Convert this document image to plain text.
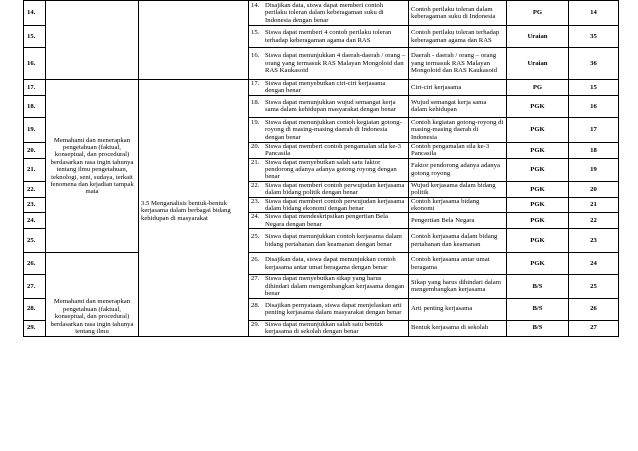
14.			14. Disajikan data, siswa dapat memberi contoh perilaku toleran dalam keberagaman suku di Indonesia dengan benar	Contoh perilaku toleran dalam keberagaman suku di Indonesia	PG	14
15.			15. Siswa dapat memberi 4 contoh perilaku toleran terhadap keberagaman agama dan RAS	Contoh perilaku toleran terhadap keberagaman agama dan RAS	Uraian	35
16.			16. Siswa dapat menunjukkan 4 daerah-daerah / orang –orang yang termasuk RAS Malayan Mongoloid dan RAS Kaukasoid	Daerah - daerah / orang – orang yang termasuk RAS Malayan Mongoloid dan RAS Kaukasoid	Uraian	36
17.	Memahami dan menerapkan pengetahuan (faktual, konseptual, dan procedural) berdasarkan rasa ingin tahunya tentang ilmu pengetahuan, teknologi, seni, sudaya, terkait fenomena dan kejadian tampak mata	3.5 Menganalisis bentuk-bentuk kerjasama dalam berbagai bidang kehidupan di masyarakat	17. Siswa dapat menyebutkan ciri-ciri kerjasama dengan benar	Ciri-ciri kerjasama	PG	15
18.			18. Siswa dapat menunjukkan wujud semangat kerja sama dalam kehidupan masyarakat dengan benar	Wujud semangat kerja sama dalam kehidupan	PGK	16
19.			19. Siswa dapat menunjukkan contoh kegiatan gotong-royong di masing-masing daerah di Indonesia dengan benar	Contoh kegiatan gotong-royong di masing-masing daerah di Indonesia	PGK	17
20.			20. Siswa dapat memberi contoh pengamalan sila ke-3 Pancasila	Contoh pengamalan sila ke-3 Pancasila	PGK	18
21.			21. Siswa dapat menyebutkan salah satu faktor pendorong adanya adanya gotong royong dengan benar	Faktor pendorong adanya adanya gotong royong	PGK	19
22.			22. Siswa dapat memberi contoh perwujudan kerjasama dalam bidang politik dengan benar	Wujud kerjasama dalam bidang politik	PGK	20
23.			23. Siswa dapat memberi contoh perwujudan kerjasama dalam bidang ekonomi dengan benar	Contoh kerjasama bidang ekonomi	PGK	21
24.			24. Siswa dapat mendeskripsikan pengertian Bela Negara dengan benar	Pengertian Bela Negara	PGK	22
25.			25. Siswa dapat menunjukkan contoh kerjasama dalam bidang pertahanan dan keamanan dengan benar	Contoh kerjasama dalam bidang pertahanan dan keamanan	PGK	23
26.	Memahami dan menerapkan pengetahuan (faktual, konseptual, dan procedural) berdasarkan rasa ingin tahunya tentang ilmu		26. Disajikan data, siswa dapat menunjukkan contoh kerjasama antar umat beragama dengan benar	Contoh kerjasama antar umat beragama	PGK	24
27.			27. Siswa dapat menyebutkan sikap yang harus dihindari dalam mengembangkan kerjasama dengan benar	Sikap yang harus dihindari dalam mengembangkan kerjasama	B/S	25
28.			28. Disajikan pernyataan, siswa dapat menjelaskan arti penting kerjasama dalam masyarakat dengan benar	Arti penting kerjasama	B/S	26
29.			29. Siswa dapat menunjukkan salah satu bentuk kerjasama di sekolah dengan benar	Bentuk kerjasama di sekolah	B/S	27
